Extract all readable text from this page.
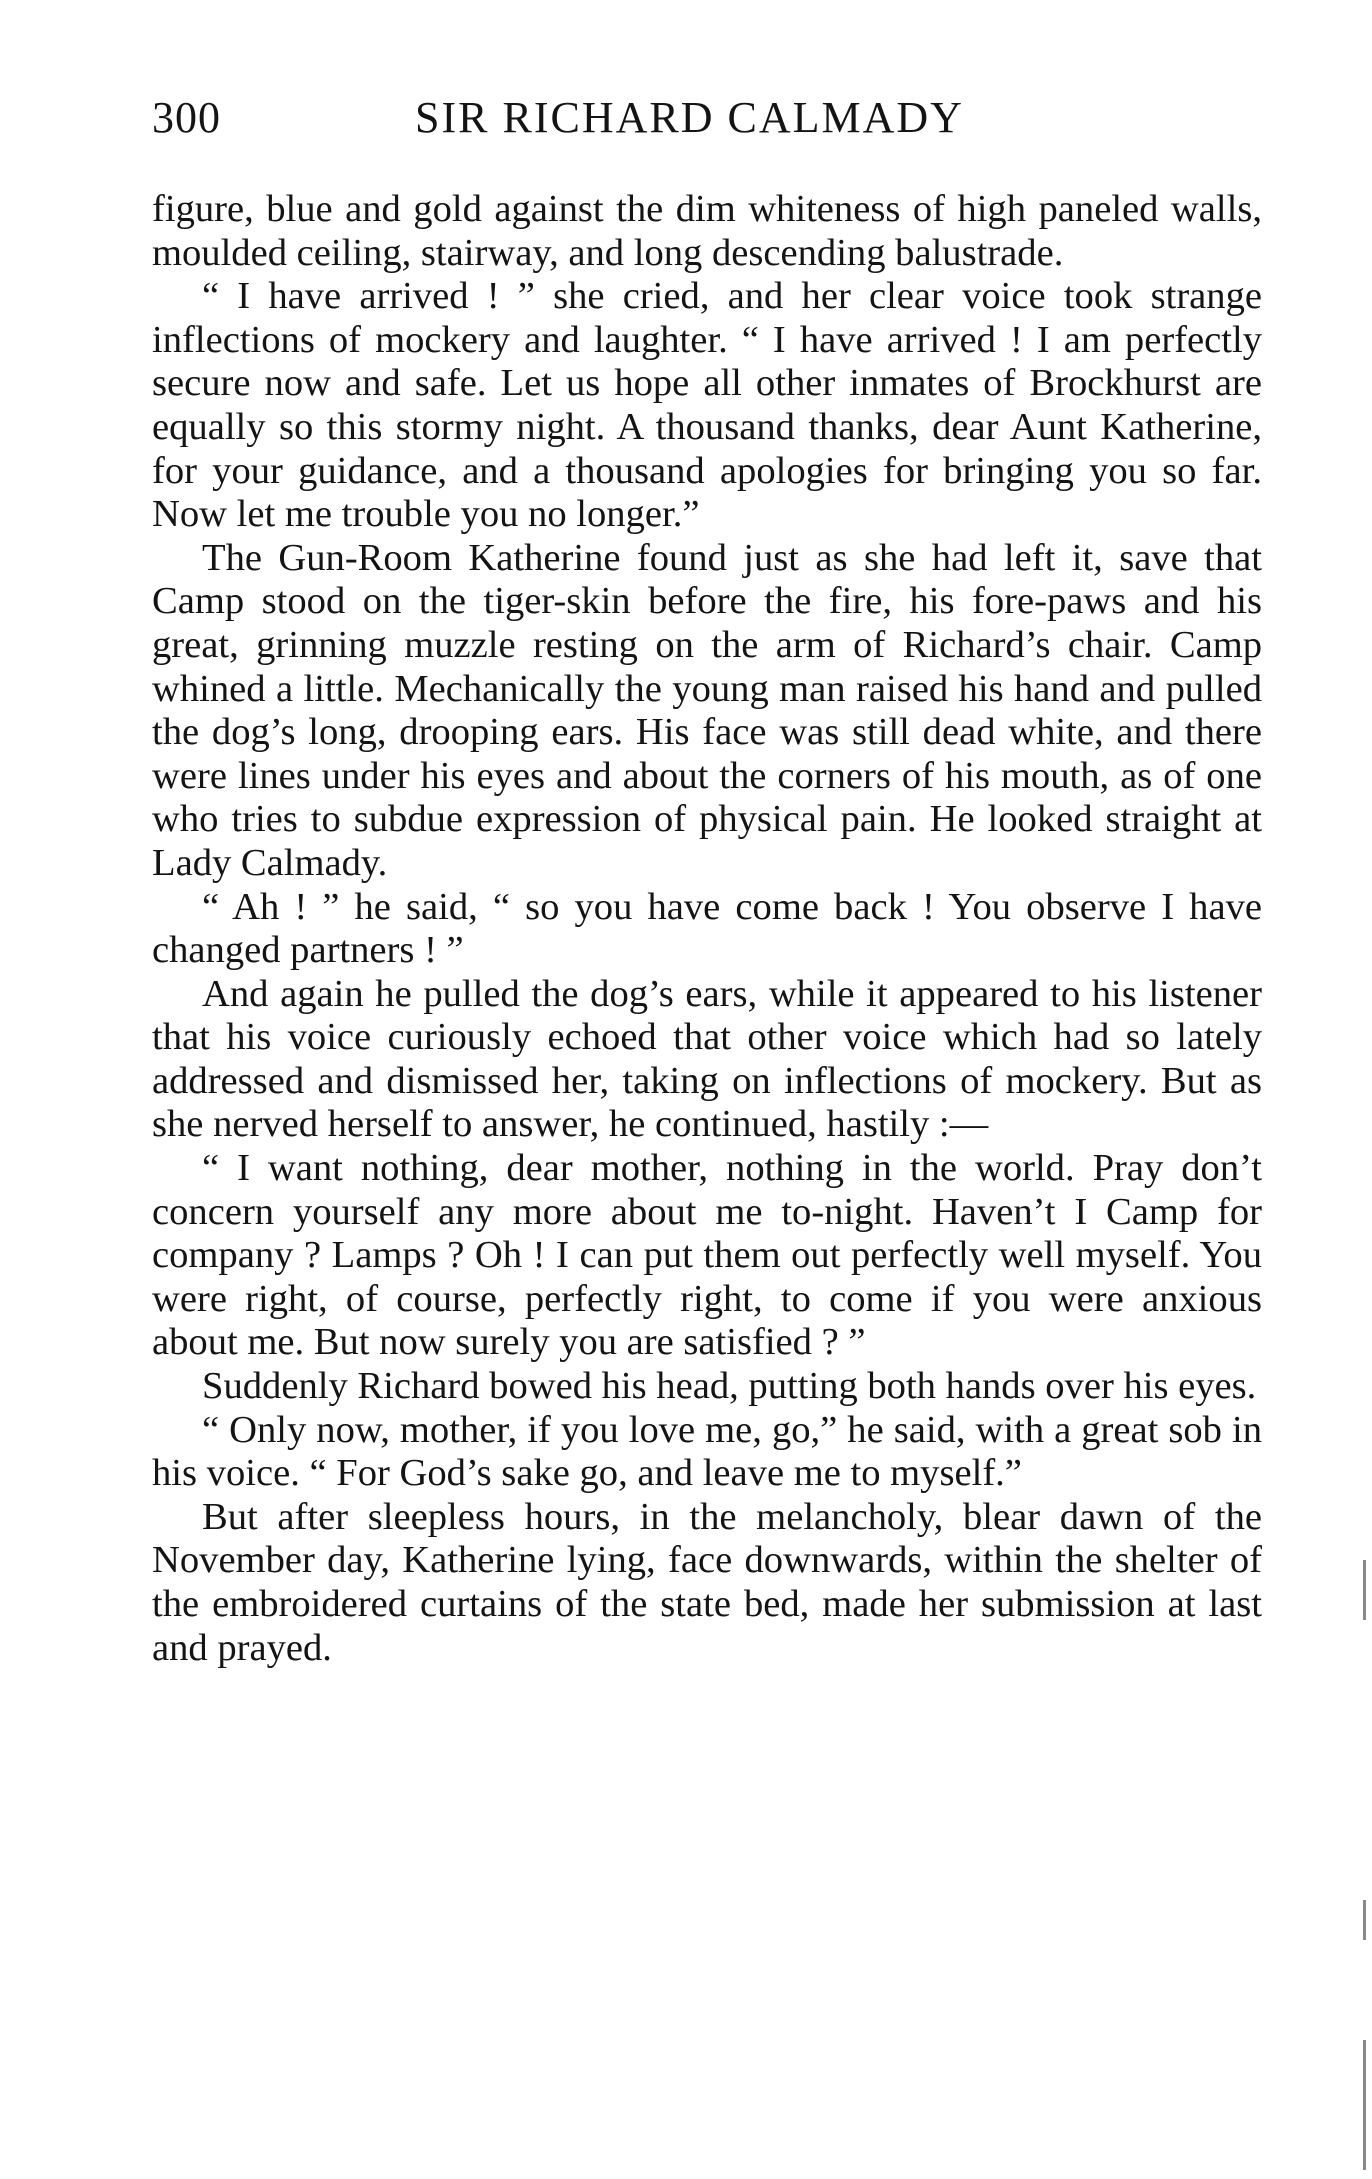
300	SIR RICHARD CALMADY

figure, blue and gold against the dim whiteness of high paneled walls, moulded ceiling, stairway, and long descending balustrade.

“ I have arrived ! ” she cried, and her clear voice took strange inflections of mockery and laughter. “ I have arrived ! I am perfectly secure now and safe. Let us hope all other inmates of Brockhurst are equally so this stormy night. A thousand thanks, dear Aunt Katherine, for your guidance, and a thousand apologies for bringing you so far. Now let me trouble you no longer.”

The Gun-Room Katherine found just as she had left it, save that Camp stood on the tiger-skin before the fire, his fore-paws and his great, grinning muzzle resting on the arm of Richard’s chair. Camp whined a little. Mechanically the young man raised his hand and pulled the dog’s long, drooping ears. His face was still dead white, and there were lines under his eyes and about the corners of his mouth, as of one who tries to subdue expression of physical pain. He looked straight at Lady Calmady.

“ Ah ! ” he said, “ so you have come back ! You observe I have changed partners ! ”

And again he pulled the dog’s ears, while it appeared to his listener that his voice curiously echoed that other voice which had so lately addressed and dismissed her, taking on inflections of mockery. But as she nerved herself to answer, he continued, hastily :—

“ I want nothing, dear mother, nothing in the world. Pray don’t concern yourself any more about me to-night. Haven’t I Camp for company ? Lamps ? Oh ! I can put them out perfectly well myself. You were right, of course, perfectly right, to come if you were anxious about me. But now surely you are satisfied ? ”

Suddenly Richard bowed his head, putting both hands over his eyes.

“ Only now, mother, if you love me, go,” he said, with a great sob in his voice. “ For God’s sake go, and leave me to myself.”

But after sleepless hours, in the melancholy, blear dawn of the November day, Katherine lying, face downwards, within the shelter of the embroidered curtains of the state bed, made her submission at last and prayed.
